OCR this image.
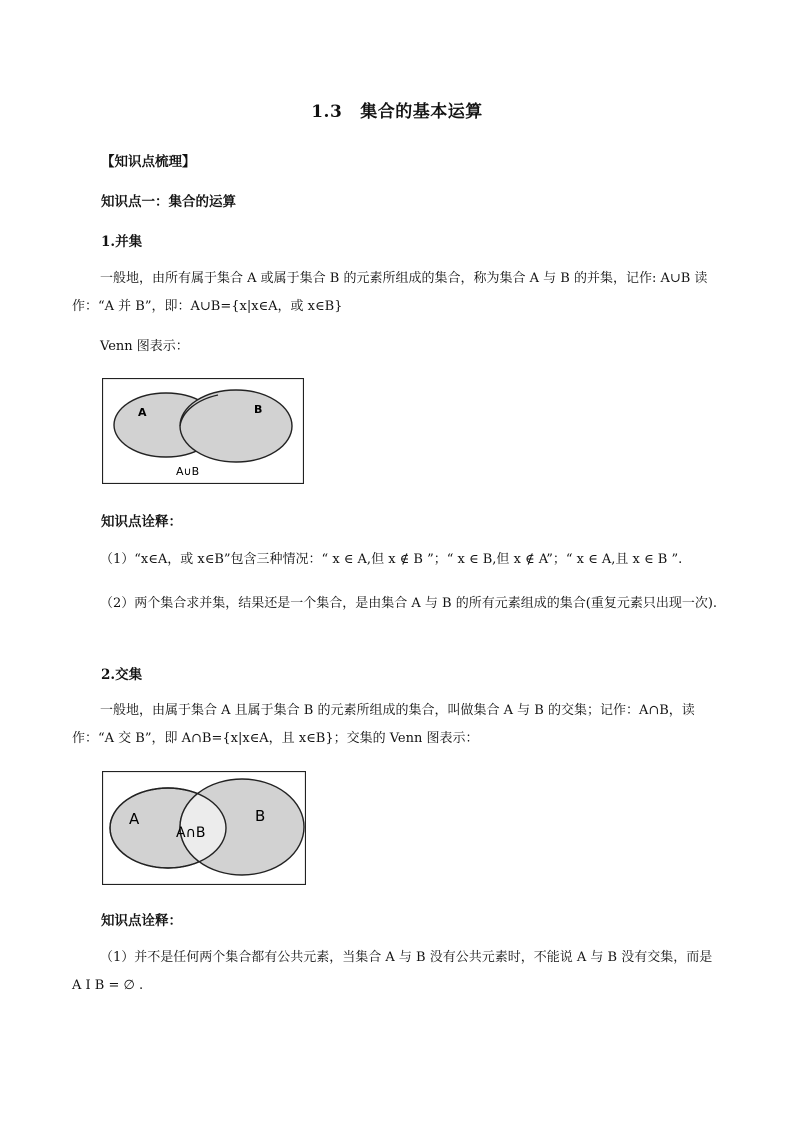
1.3 集合的基本运算
【知识点梳理】
知识点一：集合的运算
1.并集
一般地，由所有属于集合 A 或属于集合 B 的元素所组成的集合，称为集合 A 与 B 的并集，记作: A∪B 读作：“A 并 B”，即：A∪B={x|x∈A，或 x∈B}
Venn 图表示：
A	B
A∪B
知识点诠释：
（1）“x∈A，或 x∈B”包含三种情况：“ x ∈ A,但 x ∉ B ”；“ x ∈ B,但 x ∉ A”；“ x ∈ A,且 x ∈ B ”.
（2）两个集合求并集，结果还是一个集合，是由集合 A 与 B 的所有元素组成的集合(重复元素只出现一次).
2.交集
一般地，由属于集合 A 且属于集合 B 的元素所组成的集合，叫做集合 A 与 B 的交集；记作：A∩B，读作：“A 交 B”，即 A∩B={x|x∈A，且 x∈B}；交集的 Venn 图表示：
A	B
A∩B
知识点诠释：
（1）并不是任何两个集合都有公共元素，当集合 A 与 B 没有公共元素时，不能说 A 与 B 没有交集，而是 A I B = ∅ .
